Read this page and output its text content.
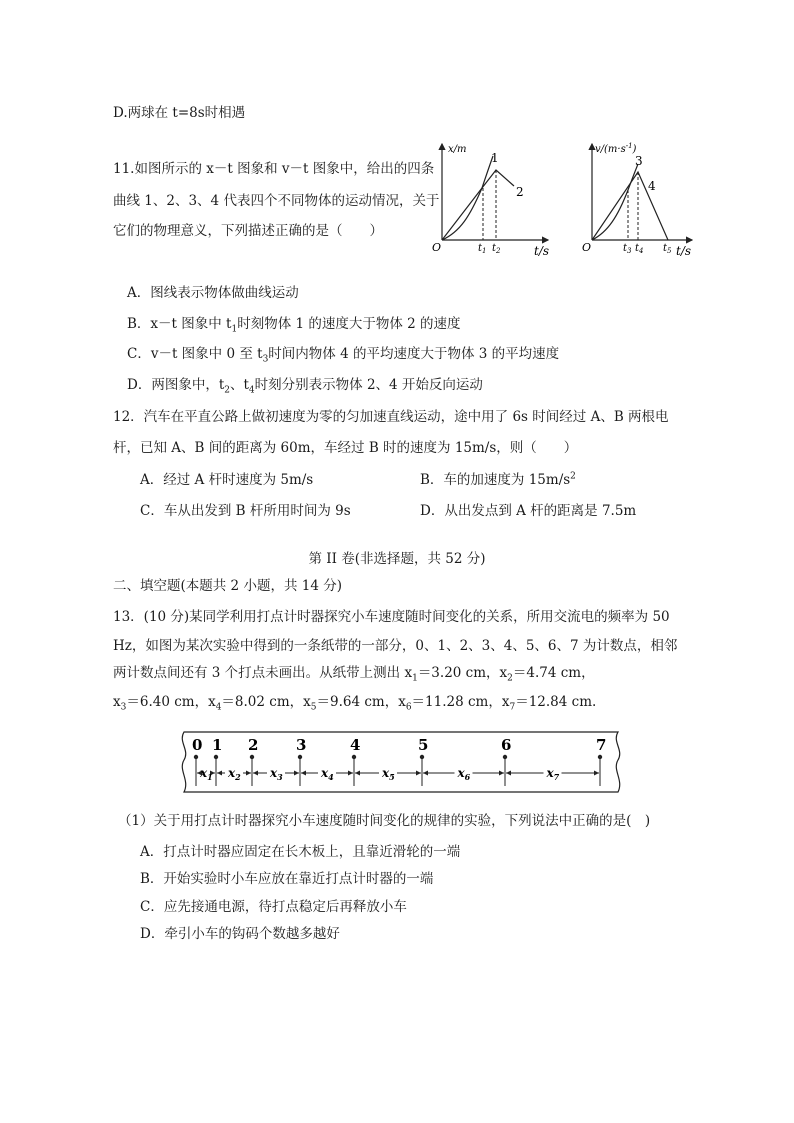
D.两球在 t=8s时相遇
11.如图所示的 x－t 图象和 v－t 图象中，给出的四条
曲线 1、2、3、4 代表四个不同物体的运动情况，关于
它们的物理意义，下列描述正确的是（　　）
x/m
t/s
O	$t_1$ $t_2$
1
2
$v/(m\cdot s^{-1})$
t/s
O	$t_3$ $t_4$ $t_5$
3
4
A．图线表示物体做曲线运动
B．x－t 图象中 $t_1$时刻物体 1 的速度大于物体 2 的速度
C．v－t 图象中 0 至 $t_3$时间内物体 4 的平均速度大于物体 3 的平均速度
D．两图象中，$t_2$、$t_4$时刻分别表示物体 2、4 开始反向运动
12．汽车在平直公路上做初速度为零的匀加速直线运动，途中用了 6s 时间经过 A、B 两根电
杆，已知 A、B 间的距离为 60m，车经过 B 时的速度为 15m/s，则（　　）
A．经过 A 杆时速度为 5m/s	B．车的加速度为 $15m/s^2$
C．车从出发到 B 杆所用时间为 9s	D．从出发点到 A 杆的距离是 7.5m
第 II 卷(非选择题，共 52 分)
二、填空题(本题共 2 小题，共 14 分)
13．(10 分)某同学利用打点计时器探究小车速度随时间变化的关系，所用交流电的频率为 50
Hz，如图为某次实验中得到的一条纸带的一部分，0、1、2、3、4、5、6、7 为计数点，相邻
两计数点间还有 3 个打点未画出。从纸带上测出 $x_1=3.20$ cm，$x_2=4.74$ cm，
$x_3=6.40$ cm，$x_4=8.02$ cm，$x_5=9.64$ cm，$x_6=11.28$ cm，$x_7=12.84$ cm.
0 1 2	3	4	5	6	7
$x_1$ $x_2$ $x_3$	$x_4$	$x_5$	$x_6$	$x_7$
（1）关于用打点计时器探究小车速度随时间变化的规律的实验，下列说法中正确的是(　)
A．打点计时器应固定在长木板上，且靠近滑轮的一端
B．开始实验时小车应放在靠近打点计时器的一端
C．应先接通电源，待打点稳定后再释放小车
D．牵引小车的钩码个数越多越好
